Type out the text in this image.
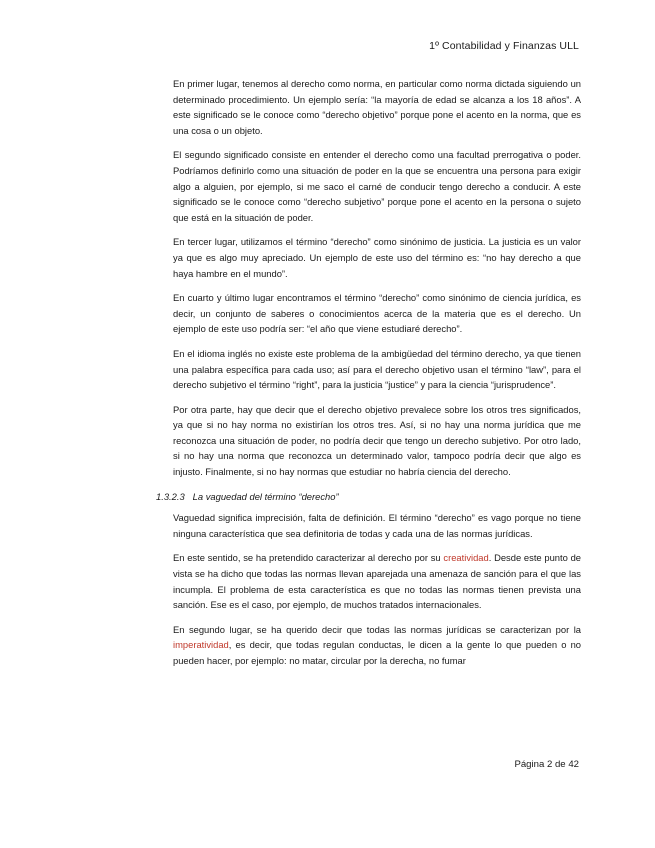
1º Contabilidad y Finanzas ULL

En primer lugar, tenemos al derecho como norma, en particular como norma dictada siguiendo un determinado procedimiento. Un ejemplo sería: “la mayoría de edad se alcanza a los 18 años”. A este significado se le conoce como “derecho objetivo” porque pone el acento en la norma, que es una cosa o un objeto.

El segundo significado consiste en entender el derecho como una facultad prerrogativa o poder. Podríamos definirlo como una situación de poder en la que se encuentra una persona para exigir algo a alguien, por ejemplo, si me saco el carné de conducir tengo derecho a conducir. A este significado se le conoce como “derecho subjetivo” porque pone el acento en la persona o sujeto que está en la situación de poder.

En tercer lugar, utilizamos el término “derecho” como sinónimo de justicia. La justicia es un valor ya que es algo muy apreciado. Un ejemplo de este uso del término es: “no hay derecho a que haya hambre en el mundo”.

En cuarto y último lugar encontramos el término “derecho” como sinónimo de ciencia jurídica, es decir, un conjunto de saberes o conocimientos acerca de la materia que es el derecho. Un ejemplo de este uso podría ser: “el año que viene estudiaré derecho”.

En el idioma inglés no existe este problema de la ambigüedad del término derecho, ya que tienen una palabra específica para cada uso; así para el derecho objetivo usan el término “law”, para el derecho subjetivo el término “right”, para la justicia “justice” y para la ciencia “jurisprudence”.

Por otra parte, hay que decir que el derecho objetivo prevalece sobre los otros tres significados, ya que si no hay norma no existirían los otros tres. Así, si no hay una norma jurídica que me reconozca una situación de poder, no podría decir que tengo un derecho subjetivo. Por otro lado, si no hay una norma que reconozca un determinado valor, tampoco podría decir que algo es injusto. Finalmente, si no hay normas que estudiar no habría ciencia del derecho.

1.3.2.3 La vaguedad del término “derecho”

Vaguedad significa imprecisión, falta de definición. El término “derecho” es vago porque no tiene ninguna característica que sea definitoria de todas y cada una de las normas jurídicas.

En este sentido, se ha pretendido caracterizar al derecho por su creatividad. Desde este punto de vista se ha dicho que todas las normas llevan aparejada una amenaza de sanción para el que las incumpla. El problema de esta característica es que no todas las normas tienen prevista una sanción. Ese es el caso, por ejemplo, de muchos tratados internacionales.

En segundo lugar, se ha querido decir que todas las normas jurídicas se caracterizan por la imperatividad, es decir, que todas regulan conductas, le dicen a la gente lo que pueden o no pueden hacer, por ejemplo: no matar, circular por la derecha, no fumar

Página 2 de 42
